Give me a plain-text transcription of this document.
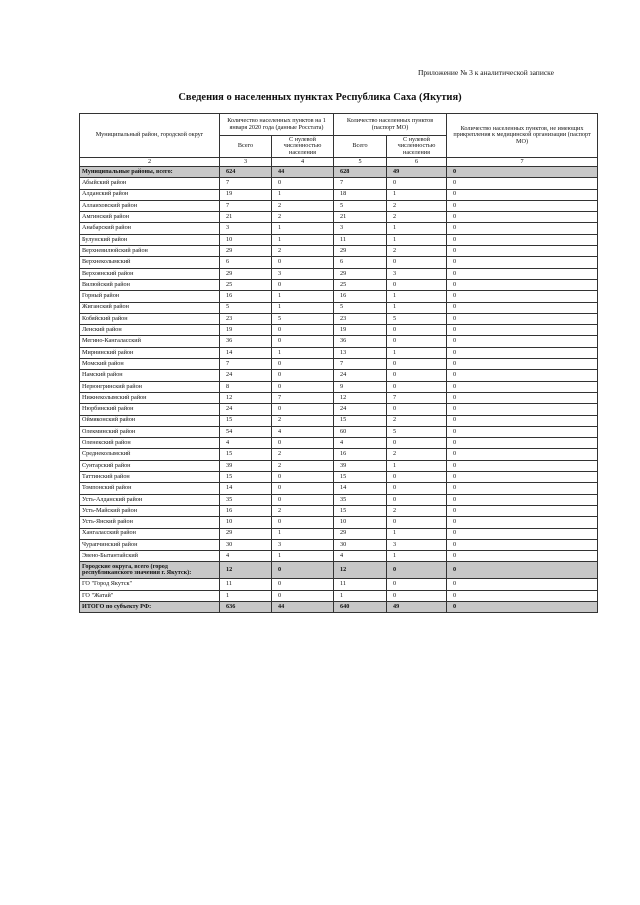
Приложение № 3 к аналитической записке
Сведения о населенных пунктах Республика Саха (Якутия)
Муниципальный район, городской округ	Количество населенных пунктов на 1 января 2020 года (данные Росстата)		Количество населенных пунктов (паспорт МО)		Количество населенных пунктов, не имеющих прикрепления к медицинской организации (паспорт МО)
	Всего	С нулевой численностью населения	Всего	С нулевой численностью населения	
2	3	4	5	6	7
Муниципальные районы, всего:	624	44	628	49	0
Абыйский район	7	0	7	0	0
Алданский район	19	1	18	1	0
Аллаиховский район	7	2	5	2	0
Амгинский район	21	2	21	2	0
Анабарский район	3	1	3	1	0
Булунский район	10	1	11	1	0
Верхневилюйский район	29	2	29	2	0
Верхнеколымский	6	0	6	0	0
Верхоянский район	29	3	29	3	0
Вилюйский район	25	0	25	0	0
Горный район	16	1	16	1	0
Жиганский район	5	1	5	1	0
Кобяйский район	23	5	23	5	0
Ленский район	19	0	19	0	0
Мегино-Кангаласский	36	0	36	0	0
Мирнинский район	14	1	13	1	0
Момский район	7	0	7	0	0
Намский район	24	0	24	0	0
Нерюнгринский район	8	0	9	0	0
Нижнеколымский район	12	7	12	7	0
Нюрбинский район	24	0	24	0	0
Оймяконский район	15	2	15	2	0
Олекминский район	54	4	60	5	0
Оленекский район	4	0	4	0	0
Среднеколымский	15	2	16	2	0
Сунтарский район	39	2	39	1	0
Таттинский район	15	0	15	0	0
Томпонский район	14	0	14	0	0
Усть-Алданский район	35	0	35	0	0
Усть-Майский район	16	2	15	2	0
Усть-Янский район	10	0	10	0	0
Хангаласский район	29	1	29	1	0
Чурапчинский район	30	3	30	3	0
Эвено-Бытантайский	4	1	4	1	0
Городские округа, всего (город республиканского значения г. Якутск):	12	0	12	0	0
ГО "Город Якутск"	11	0	11	0	0
ГО "Жатай"	1	0	1	0	0
ИТОГО по субъекту РФ:	636	44	640	49	0
